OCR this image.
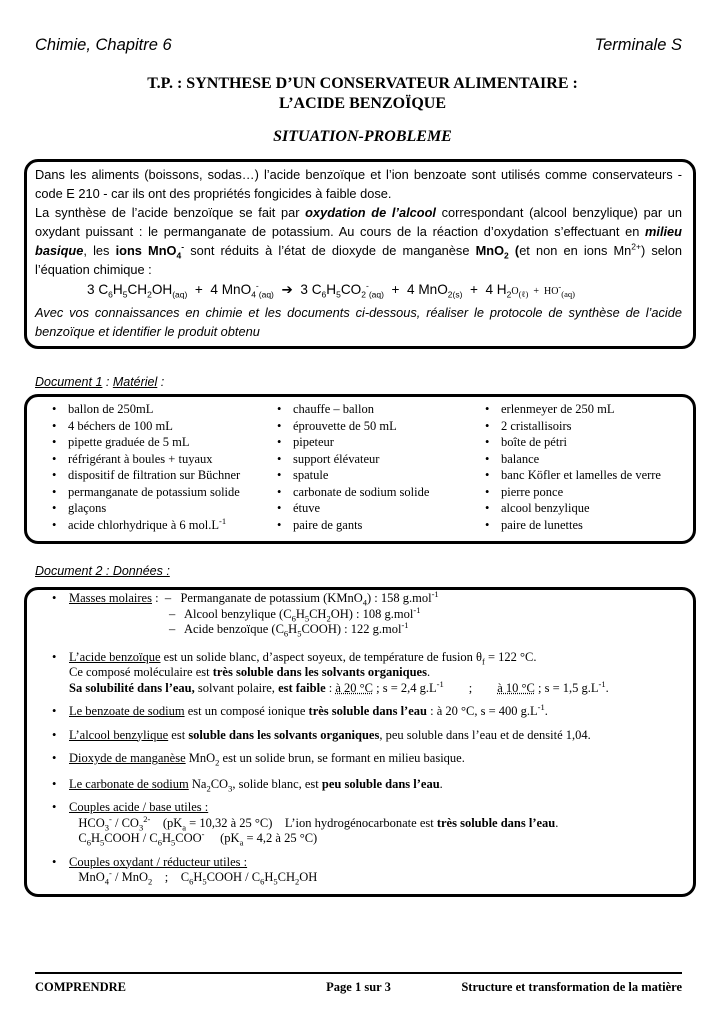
Chimie, Chapitre 6	Terminale S
T.P. : SYNTHESE D’UN CONSERVATEUR ALIMENTAIRE :
L’ACIDE BENZOÏQUE
SITUATION-PROBLEME

Dans les aliments (boissons, sodas…) l’acide benzoïque et l’ion benzoate sont utilisés comme conservateurs - code E 210 - car ils ont des propriétés fongicides à faible dose.

La synthèse de l’acide benzoïque se fait par oxydation de l’alcool correspondant (alcool benzylique) par un oxydant puissant : le permanganate de potassium. Au cours de la réaction d’oxydation s’effectuant en milieu basique, les ions MnO$_4$- sont réduits à l’état de dioxyde de manganèse MnO$_2$ (et non en ions $Mn^{2+}$) selon l’équation chimique :

3 $C_6H_5CH_2OH_{(aq)} + 4$ MnO$_4$-$_{(aq)}$  ➔  3 $C_6H_5CO_2^-_{(aq)} + 4$ MnO$_{2(s)}$  +  4 $H_2O_{(\ell)} + HO^-_{(aq)}$

Avec vos connaissances en chimie et les documents ci-dessous, réaliser le protocole de synthèse de l’acide benzoïque et identifier le produit obtenu

Document 1 : Matériel :
• ballon de 250mL
• 4 béchers de 100 mL
• pipette graduée de 5 mL
• réfrigérant à boules + tuyaux
• dispositif de filtration sur Büchner
• permanganate de potassium solide
• glaçons
• acide chlorhydrique à 6 $mol.L^{-1}$
• chauffe – ballon
• éprouvette de 50 mL
• pipeteur
• support élévateur
• spatule
• carbonate de sodium solide
• étuve
• paire de gants
• erlenmeyer de 250 mL
• 2 cristallisoirs
• boîte de pétri
• balance
• banc Köfler et lamelles de verre
• pierre ponce
• alcool benzylique
• paire de lunettes
Document 2 : Données :
• Masses molaires :  –   Permanganate de potassium (KMnO$_4$) : 158 g.mol$^{-1}$
–   Alcool benzylique $(C_6H_5CH_2OH)$ : 108 g.mol$^{-1}$
–   Acide benzoïque $(C_6H_5COOH)$ : 122 g.mol$^{-1}$
• L’acide benzoïque est un solide blanc, d’aspect soyeux, de température de fusion $\theta_f = 122$ °C.
Ce composé moléculaire est très soluble dans les solvants organiques.
Sa solubilité dans l’eau, solvant polaire, est faible : à 20 °C ; s = 2,4 $g.L^{-1}$        ;        à 10 °C ; s = 1,5 $g.L^{-1}$.
• Le benzoate de sodium est un composé ionique très soluble dans l’eau : à 20 °C, s = 400 $g.L^{-1}$.
• L’alcool benzylique est soluble dans les solvants organiques, peu soluble dans l’eau et de densité 1,04.
• Dioxyde de manganèse MnO$_2$ est un solide brun, se formant en milieu basique.
• Le carbonate de sodium $Na_2CO_3$, solide blanc, est peu soluble dans l’eau.
• Couples acide / base utiles :
$HCO_3^- / CO_3^{2-}$    ($pK_a = 10,32$ à 25 °C)    L’ion hydrogénocarbonate est très soluble dans l’eau.
$C_6H_5COOH / C_6H_5COO^-$     ($pK_a = 4,2$ à 25 °C)
• Couples oxydant / réducteur utiles :
MnO$_4$- / MnO$_2$    ;    $C_6H_5COOH / C_6H_5CH_2OH$
COMPRENDRE	Page 1 sur 3	Structure et transformation de la matière
